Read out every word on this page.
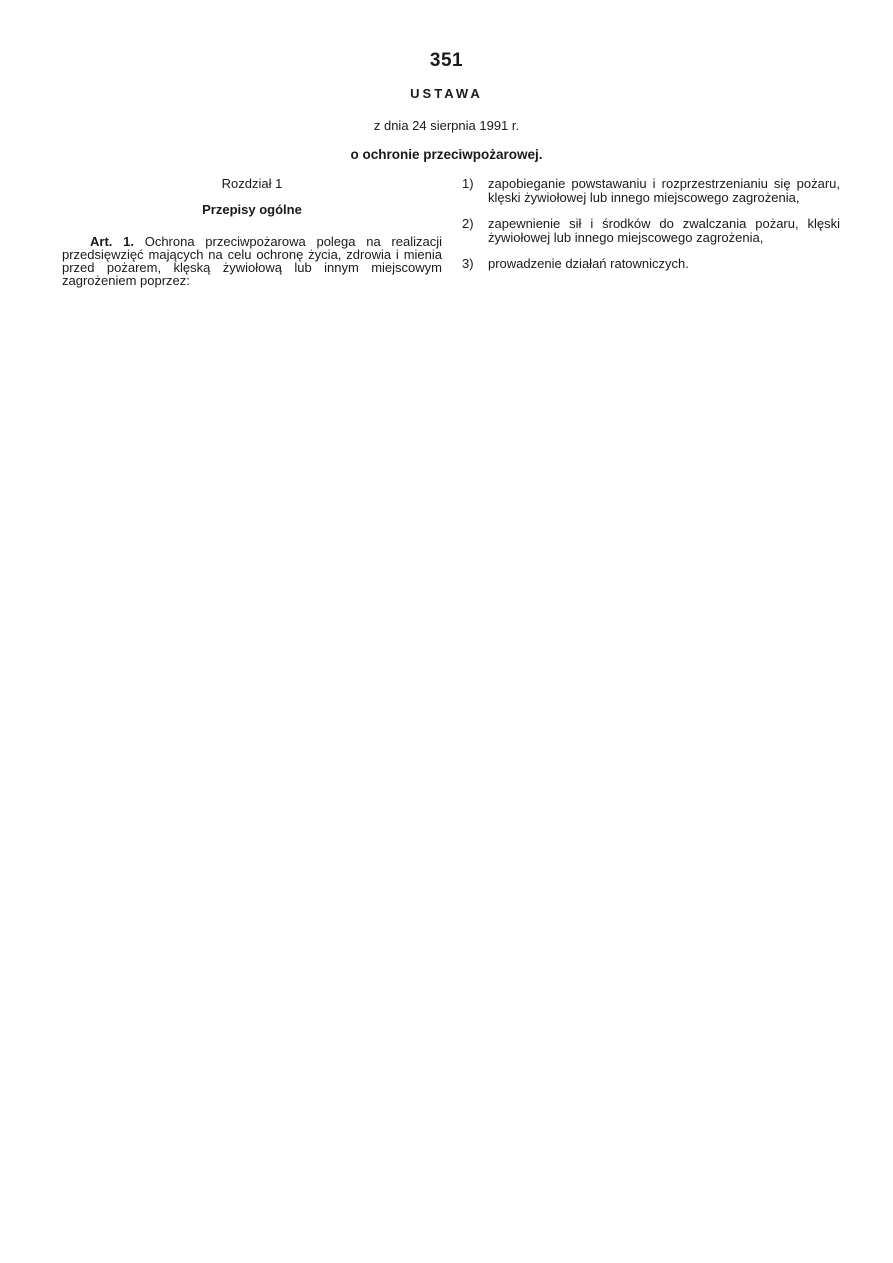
351
USTAWA
z dnia 24 sierpnia 1991 r.
o ochronie przeciwpożarowej.
Rozdział 1
Przepisy ogólne

Art. 1. Ochrona przeciwpożarowa polega na realizacji przedsięwzięć mających na celu ochronę życia, zdrowia i mienia przed pożarem, klęską żywiołową lub innym miejscowym zagrożeniem poprzez:

1)	zapobieganie powstawaniu i rozprzestrzenianiu się pożaru, klęski żywiołowej lub innego miejscowego zagrożenia,
2)	zapewnienie sił i środków do zwalczania pożaru, klęski żywiołowej lub innego miejscowego zagrożenia,
3)	prowadzenie działań ratowniczych.
